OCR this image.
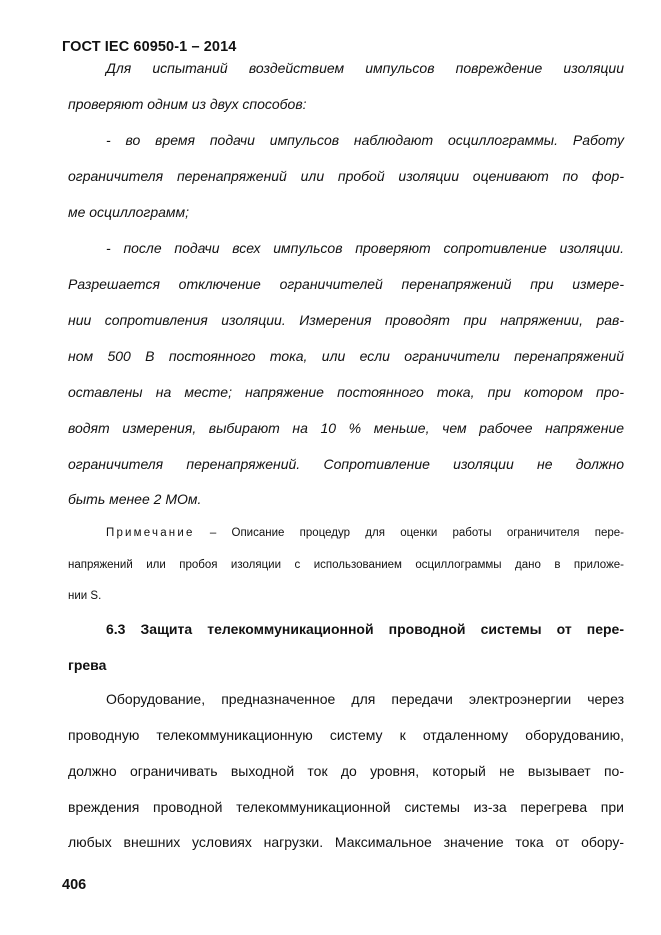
ГОСТ IEC 60950-1 – 2014
Для испытаний воздействием импульсов повреждение изоляции
проверяют одним из двух способов:
- во время подачи импульсов наблюдают осциллограммы. Работу
ограничителя перенапряжений или пробой изоляции оценивают по фор-
ме осциллограмм;
- после подачи всех импульсов проверяют сопротивление изоляции.
Разрешается отключение ограничителей перенапряжений при измере-
нии сопротивления изоляции. Измерения проводят при напряжении, рав-
ном 500 В постоянного тока, или если ограничители перенапряжений
оставлены на месте; напряжение постоянного тока, при котором про-
водят измерения, выбирают на 10 % меньше, чем рабочее напряжение
ограничителя перенапряжений. Сопротивление изоляции не должно
быть менее 2 МОм.
Примечание – Описание процедур для оценки работы ограничителя пере-
напряжений или пробоя изоляции с использованием осциллограммы дано в приложе-
нии S.
6.3 Защита телекоммуникационной проводной системы от пере-
грева
Оборудование, предназначенное для передачи электроэнергии через
проводную телекоммуникационную систему к отдаленному оборудованию,
должно ограничивать выходной ток до уровня, который не вызывает по-
вреждения проводной телекоммуникационной системы из-за перегрева при
любых внешних условиях нагрузки. Максимальное значение тока от обору-
406
